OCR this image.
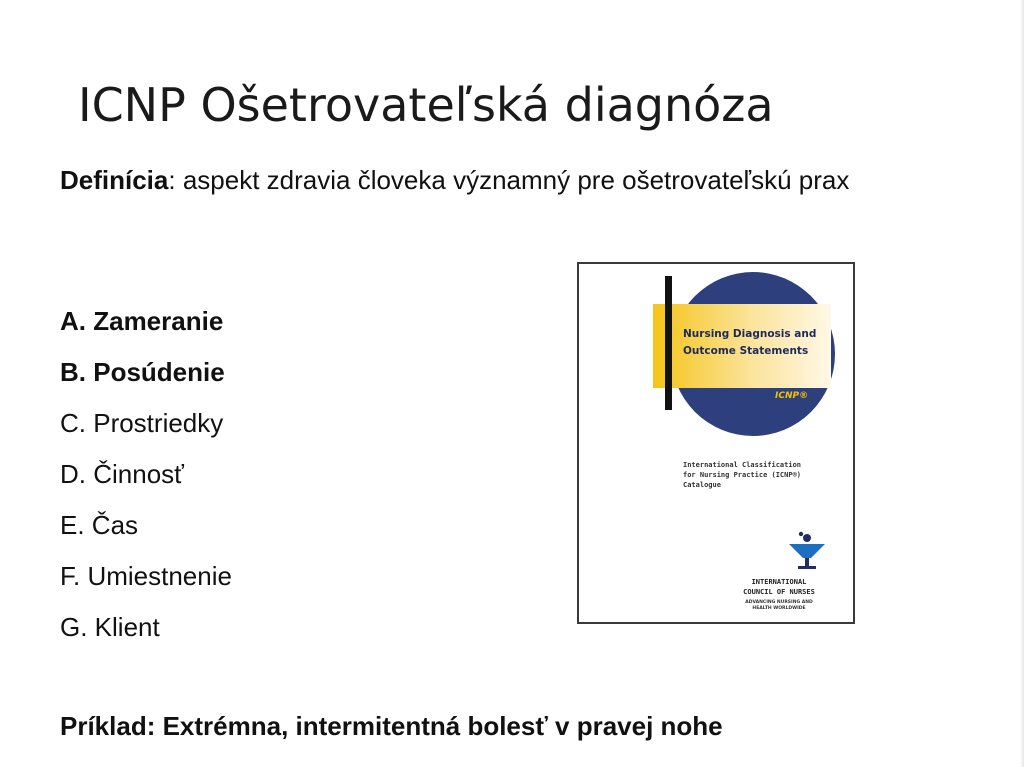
ICNP Ošetrovateľská diagnóza
Definícia: aspekt zdravia človeka významný pre ošetrovateľskú prax
A. Zameranie
B. Posúdenie
C. Prostriedky
D. Činnosť
E. Čas
F. Umiestnenie
G. Klient
Príklad: Extrémna, intermitentná bolesť v pravej nohe
Nursing Diagnosis and
Outcome Statements
ICNP®
International Classification
for Nursing Practice (ICNP®)
Catalogue
INTERNATIONAL
COUNCIL OF NURSES
ADVANCING NURSING AND
HEALTH WORLDWIDE
